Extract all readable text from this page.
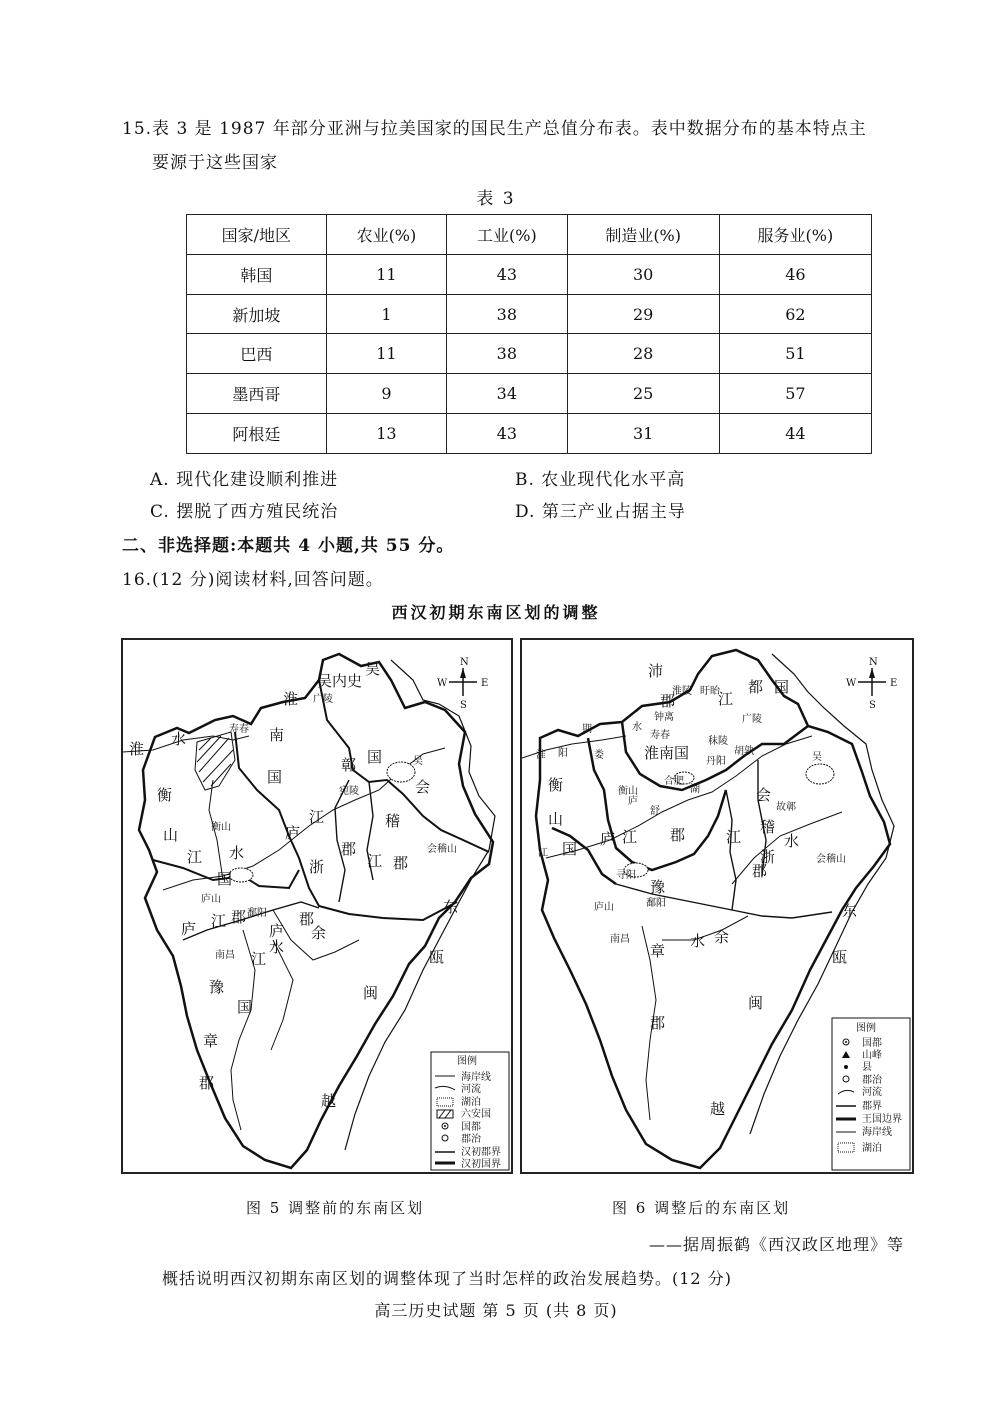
15.表 3 是 1987 年部分亚洲与拉美国家的国民生产总值分布表。表中数据分布的基本特点主
要源于这些国家
表 3
国家/地区	农业(%)	工业(%)	制造业(%)	服务业(%)
韩国	11	43	30	46
新加坡	1	38	29	62
巴西	11	38	28	51
墨西哥	9	34	25	57
阿根廷	13	43	31	44
A. 现代化建设顺利推进	B. 农业现代化水平高
C. 摆脱了西方殖民统治	D. 第三产业占据主导
二、非选择题:本题共 4 小题,共 55 分。
16.(12 分)阅读材料,回答问题。
西汉初期东南区划的调整
N
S
W	E
淮
水
衡
山
国
寿春
衡山
淮
南
国
吴内史
吴
广陵
鄣
郡
宛陵
国	吴
会
稽
郡
会稽山
浙	江
江
水
庐
江
庐山
鄱阳
庐 江 郡
江
郡
余
水
庐
南昌
豫
国
章
郡
东
瓯
闽
越
图例
海岸线
河流
湖泊
六安国
国都
郡治
汉初郡界
汉初国界
图 5 调整前的东南区划
N
S
W	E
沛
郡
淮陵 盱眙
江
都 国
广陵
期
淮 阳
水
钟离
寿春
娄
衡
山
国
淮南国
秣陵
丹阳
胡孰
吴
合肥
湖
庐	会
舒
庐 江 郡
故鄣
稽
郡
会稽山
浙
江	水
寻阳
江
庐山	鄱阳
豫
南昌
章
水 余
郡
东
瓯
闽
越
衡山
图例
国都
山峰
县
郡治
河流
郡界
王国边界
海岸线
湖泊
图 6 调整后的东南区划
——据周振鹤《西汉政区地理》等
概括说明西汉初期东南区划的调整体现了当时怎样的政治发展趋势。(12 分)
高三历史试题 第 5 页 (共 8 页)
